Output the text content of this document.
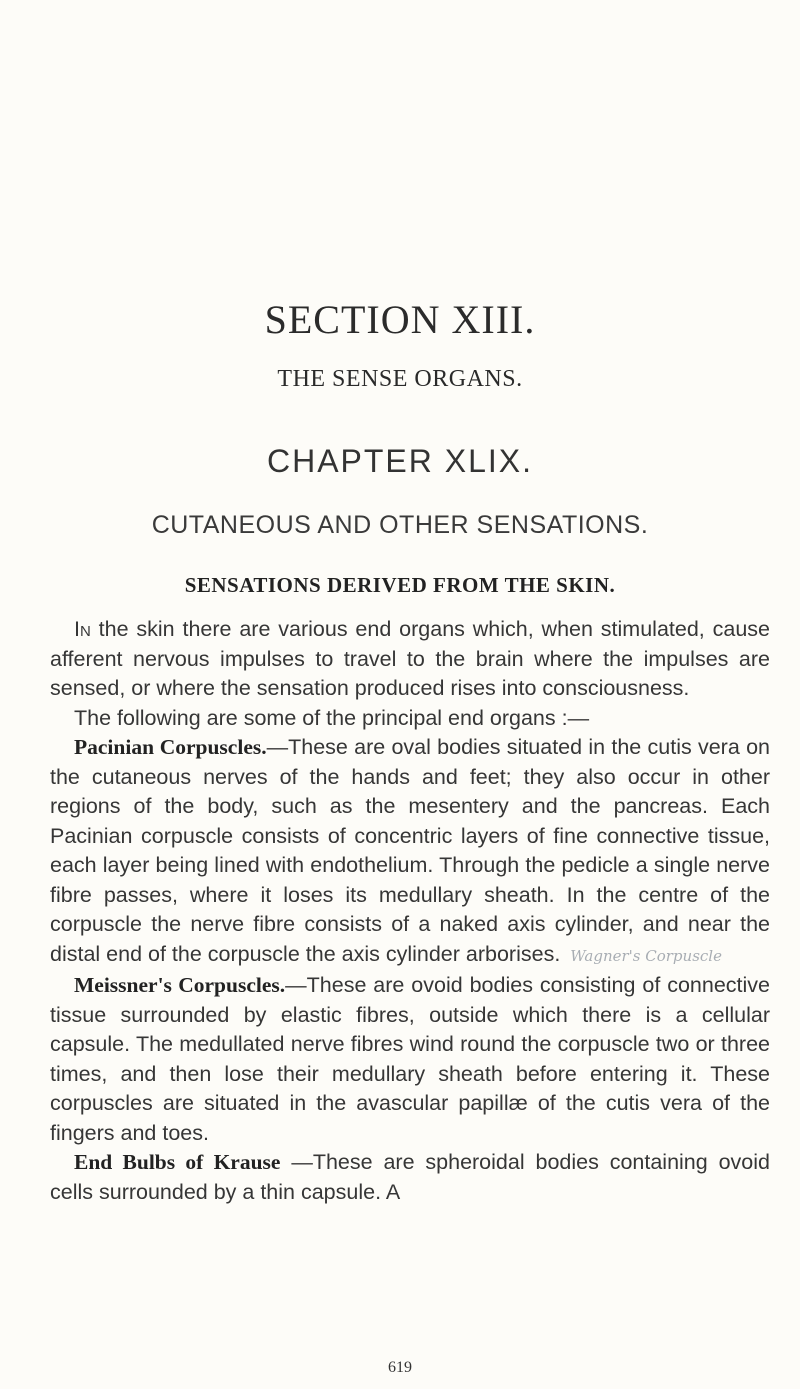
SECTION XIII.
THE SENSE ORGANS.
CHAPTER XLIX.
CUTANEOUS AND OTHER SENSATIONS.
SENSATIONS DERIVED FROM THE SKIN.

In the skin there are various end organs which, when stimulated, cause afferent nervous impulses to travel to the brain where the impulses are sensed, or where the sensation produced rises into consciousness.

The following are some of the principal end organs :—

Pacinian Corpuscles.—These are oval bodies situated in the cutis vera on the cutaneous nerves of the hands and feet; they also occur in other regions of the body, such as the mesentery and the pancreas. Each Pacinian corpuscle consists of concentric layers of fine connective tissue, each layer being lined with endothelium. Through the pedicle a single nerve fibre passes, where it loses its medullary sheath. In the centre of the corpuscle the nerve fibre consists of a naked axis cylinder, and near the distal end of the corpuscle the axis cylinder arborises. Wagner's Corpuscle

Meissner's Corpuscles.—These are ovoid bodies consisting of connective tissue surrounded by elastic fibres, outside which there is a cellular capsule. The medullated nerve fibres wind round the corpuscle two or three times, and then lose their medullary sheath before entering it. These corpuscles are situated in the avascular papillæ of the cutis vera of the fingers and toes.

End Bulbs of Krause —These are spheroidal bodies containing ovoid cells surrounded by a thin capsule. A

619
